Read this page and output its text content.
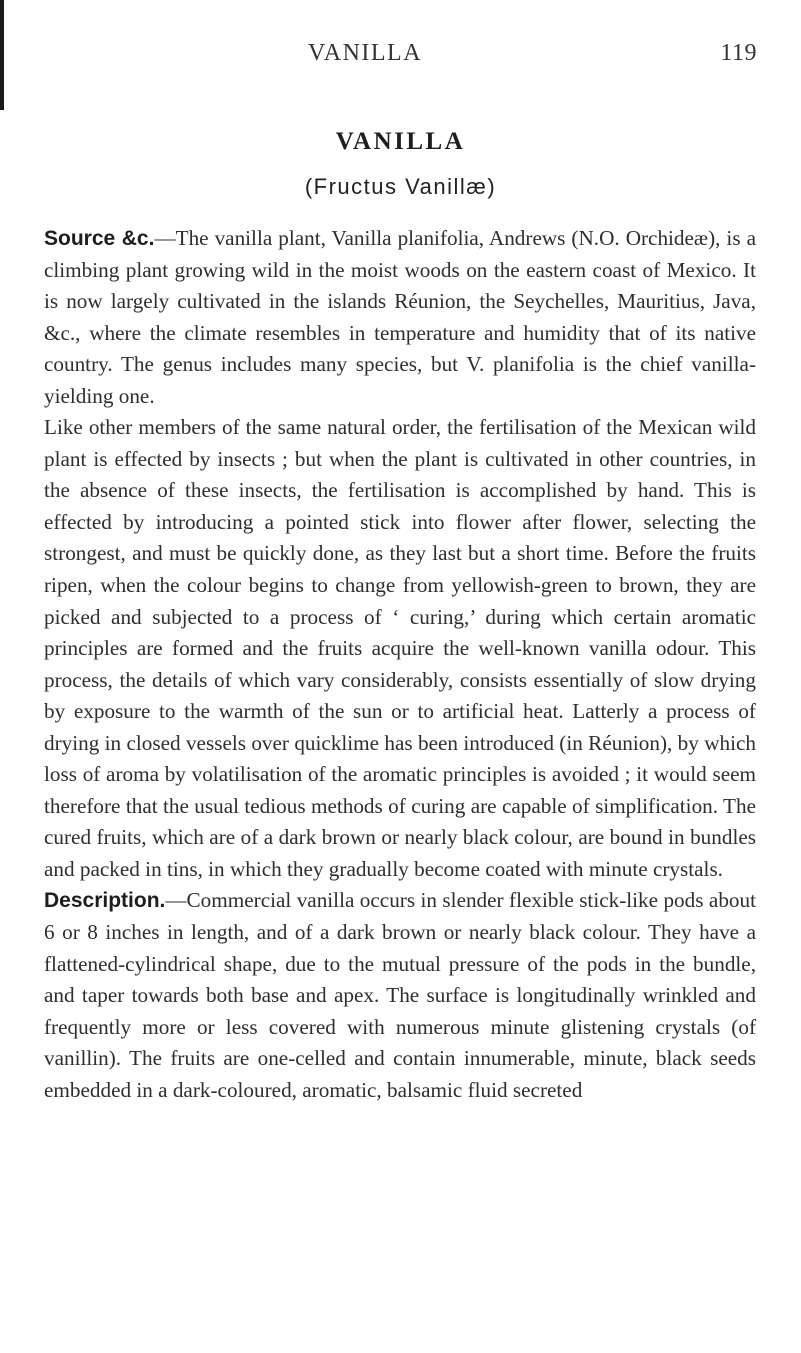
VANILLA	119
VANILLA
(Fructus Vanillæ)

Source &c.—The vanilla plant, Vanilla planifolia, Andrews (N.O. Orchideæ), is a climbing plant growing wild in the moist woods on the eastern coast of Mexico. It is now largely cultivated in the islands Réunion, the Seychelles, Mauritius, Java, &c., where the climate resembles in temperature and humidity that of its native country. The genus includes many species, but V. planifolia is the chief vanilla-yielding one.

Like other members of the same natural order, the fertilisation of the Mexican wild plant is effected by insects ; but when the plant is cultivated in other countries, in the absence of these insects, the fertilisation is accomplished by hand. This is effected by introducing a pointed stick into flower after flower, selecting the strongest, and must be quickly done, as they last but a short time. Before the fruits ripen, when the colour begins to change from yellowish-green to brown, they are picked and subjected to a process of ‘ curing,’ during which certain aromatic principles are formed and the fruits acquire the well-known vanilla odour. This process, the details of which vary considerably, consists essentially of slow drying by exposure to the warmth of the sun or to artificial heat. Latterly a process of drying in closed vessels over quicklime has been introduced (in Réunion), by which loss of aroma by volatilisation of the aromatic principles is avoided ; it would seem therefore that the usual tedious methods of curing are capable of simplification. The cured fruits, which are of a dark brown or nearly black colour, are bound in bundles and packed in tins, in which they gradually become coated with minute crystals.

Description.—Commercial vanilla occurs in slender flexible stick-like pods about 6 or 8 inches in length, and of a dark brown or nearly black colour. They have a flattened-cylindrical shape, due to the mutual pressure of the pods in the bundle, and taper towards both base and apex. The surface is longitudinally wrinkled and frequently more or less covered with numerous minute glistening crystals (of vanillin). The fruits are one-celled and contain innumerable, minute, black seeds embedded in a dark-coloured, aromatic, balsamic fluid secreted
